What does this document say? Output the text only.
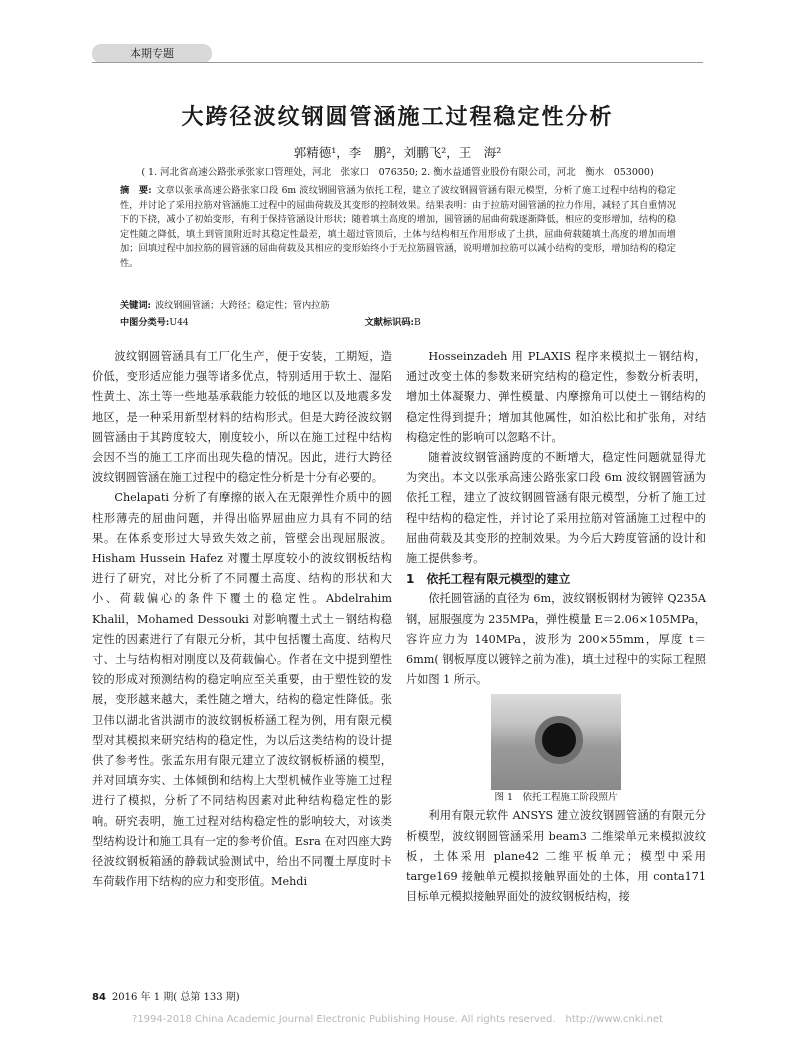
本期专题
大跨径波纹钢圆管涵施工过程稳定性分析
郭精德¹，李　鹏²，刘鹏飞²，王　海²
( 1. 河北省高速公路张承张家口管理处，河北　张家口　076350; 2. 衡水益通管业股份有限公司，河北　衡水　053000)
摘　要: 文章以张承高速公路张家口段 6m 波纹钢圆管涵为依托工程，建立了波纹钢圆管涵有限元模型，分析了施工过程中结构的稳定性，并讨论了采用拉筋对管涵施工过程中的屈曲荷载及其变形的控制效果。结果表明：由于拉筋对圆管涵的拉力作用，减轻了其自重情况下的下挠，减小了初始变形，有利于保持管涵设计形状；随着填土高度的增加，圆管涵的屈曲荷载逐渐降低，相应的变形增加，结构的稳定性随之降低，填土到管顶附近时其稳定性最差，填土超过管顶后，土体与结构相互作用形成了土拱，屈曲荷载随填土高度的增加而增加；回填过程中加拉筋的圆管涵的屈曲荷载及其相应的变形始终小于无拉筋圆管涵，说明增加拉筋可以减小结构的变形，增加结构的稳定性。
关键词: 波纹钢圆管涵；大跨径；稳定性；管内拉筋
中图分类号:U44	文献标识码:B

波纹钢圆管涵具有工厂化生产，便于安装，工期短，造价低，变形适应能力强等诸多优点，特别适用于软土、湿陷性黄土、冻土等一些地基承载能力较低的地区以及地震多发地区，是一种采用新型材料的结构形式。但是大跨径波纹钢圆管涵由于其跨度较大，刚度较小，所以在施工过程中结构会因不当的施工工序而出现失稳的情况。因此，进行大跨径波纹钢圆管涵在施工过程中的稳定性分析是十分有必要的。

Chelapati 分析了有摩擦的嵌入在无限弹性介质中的圆柱形薄壳的屈曲问题，并得出临界屈曲应力具有不同的结果。在体系变形过大导致失效之前，管壁会出现屈服波。Hisham Hussein Hafez 对覆土厚度较小的波纹钢板结构进行了研究，对比分析了不同覆土高度、结构的形状和大小、荷载偏心的条件下覆土的稳定性。Abdelrahim Khalil，Mohamed Dessouki 对影响覆土式土－钢结构稳定性的因素进行了有限元分析，其中包括覆土高度、结构尺寸、土与结构相对刚度以及荷载偏心。作者在文中提到塑性铰的形成对预测结构的稳定响应至关重要，由于塑性铰的发展，变形越来越大，柔性随之增大，结构的稳定性降低。张卫伟以湖北省洪湖市的波纹钢板桥涵工程为例，用有限元模型对其模拟来研究结构的稳定性，为以后这类结构的设计提供了参考性。张孟东用有限元建立了波纹钢板桥涵的模型，并对回填夯实、土体倾倒和结构上大型机械作业等施工过程进行了模拟，分析了不同结构因素对此种结构稳定性的影响。研究表明，施工过程对结构稳定性的影响较大，对该类型结构设计和施工具有一定的参考价值。Esra 在对四座大跨径波纹钢板箱涵的静载试验测试中，给出不同覆土厚度时卡车荷载作用下结构的应力和变形值。Mehdi

Hosseinzadeh 用 PLAXIS 程序来模拟土－钢结构，通过改变土体的参数来研究结构的稳定性，参数分析表明，增加土体凝聚力、弹性模量、内摩擦角可以使土－钢结构的稳定性得到提升；增加其他属性，如泊松比和扩张角，对结构稳定性的影响可以忽略不计。

随着波纹钢管涵跨度的不断增大，稳定性问题就显得尤为突出。本文以张承高速公路张家口段 6m 波纹钢圆管涵为依托工程，建立了波纹钢圆管涵有限元模型，分析了施工过程中结构的稳定性，并讨论了采用拉筋对管涵施工过程中的屈曲荷载及其变形的控制效果。为今后大跨度管涵的设计和施工提供参考。

1　依托工程有限元模型的建立

依托圆管涵的直径为 6m，波纹钢板钢材为镀锌 Q235A 钢，屈服强度为 235MPa，弹性模量 E＝2.06×105MPa，容许应力为 140MPa，波形为 200×55mm，厚度 t＝6mm( 钢板厚度以镀锌之前为准)，填土过程中的实际工程照片如图 1 所示。

图 1　依托工程施工阶段照片

利用有限元软件 ANSYS 建立波纹钢圆管涵的有限元分析模型，波纹钢圆管涵采用 beam3 二维梁单元来模拟波纹板，土体采用 plane42 二维平板单元；模型中采用 targe169 接触单元模拟接触界面处的土体，用 conta171 目标单元模拟接触界面处的波纹钢板结构，接

84 2016 年 1 期( 总第 133 期)
?1994-2018 China Academic Journal Electronic Publishing House. All rights reserved.　http://www.cnki.net
